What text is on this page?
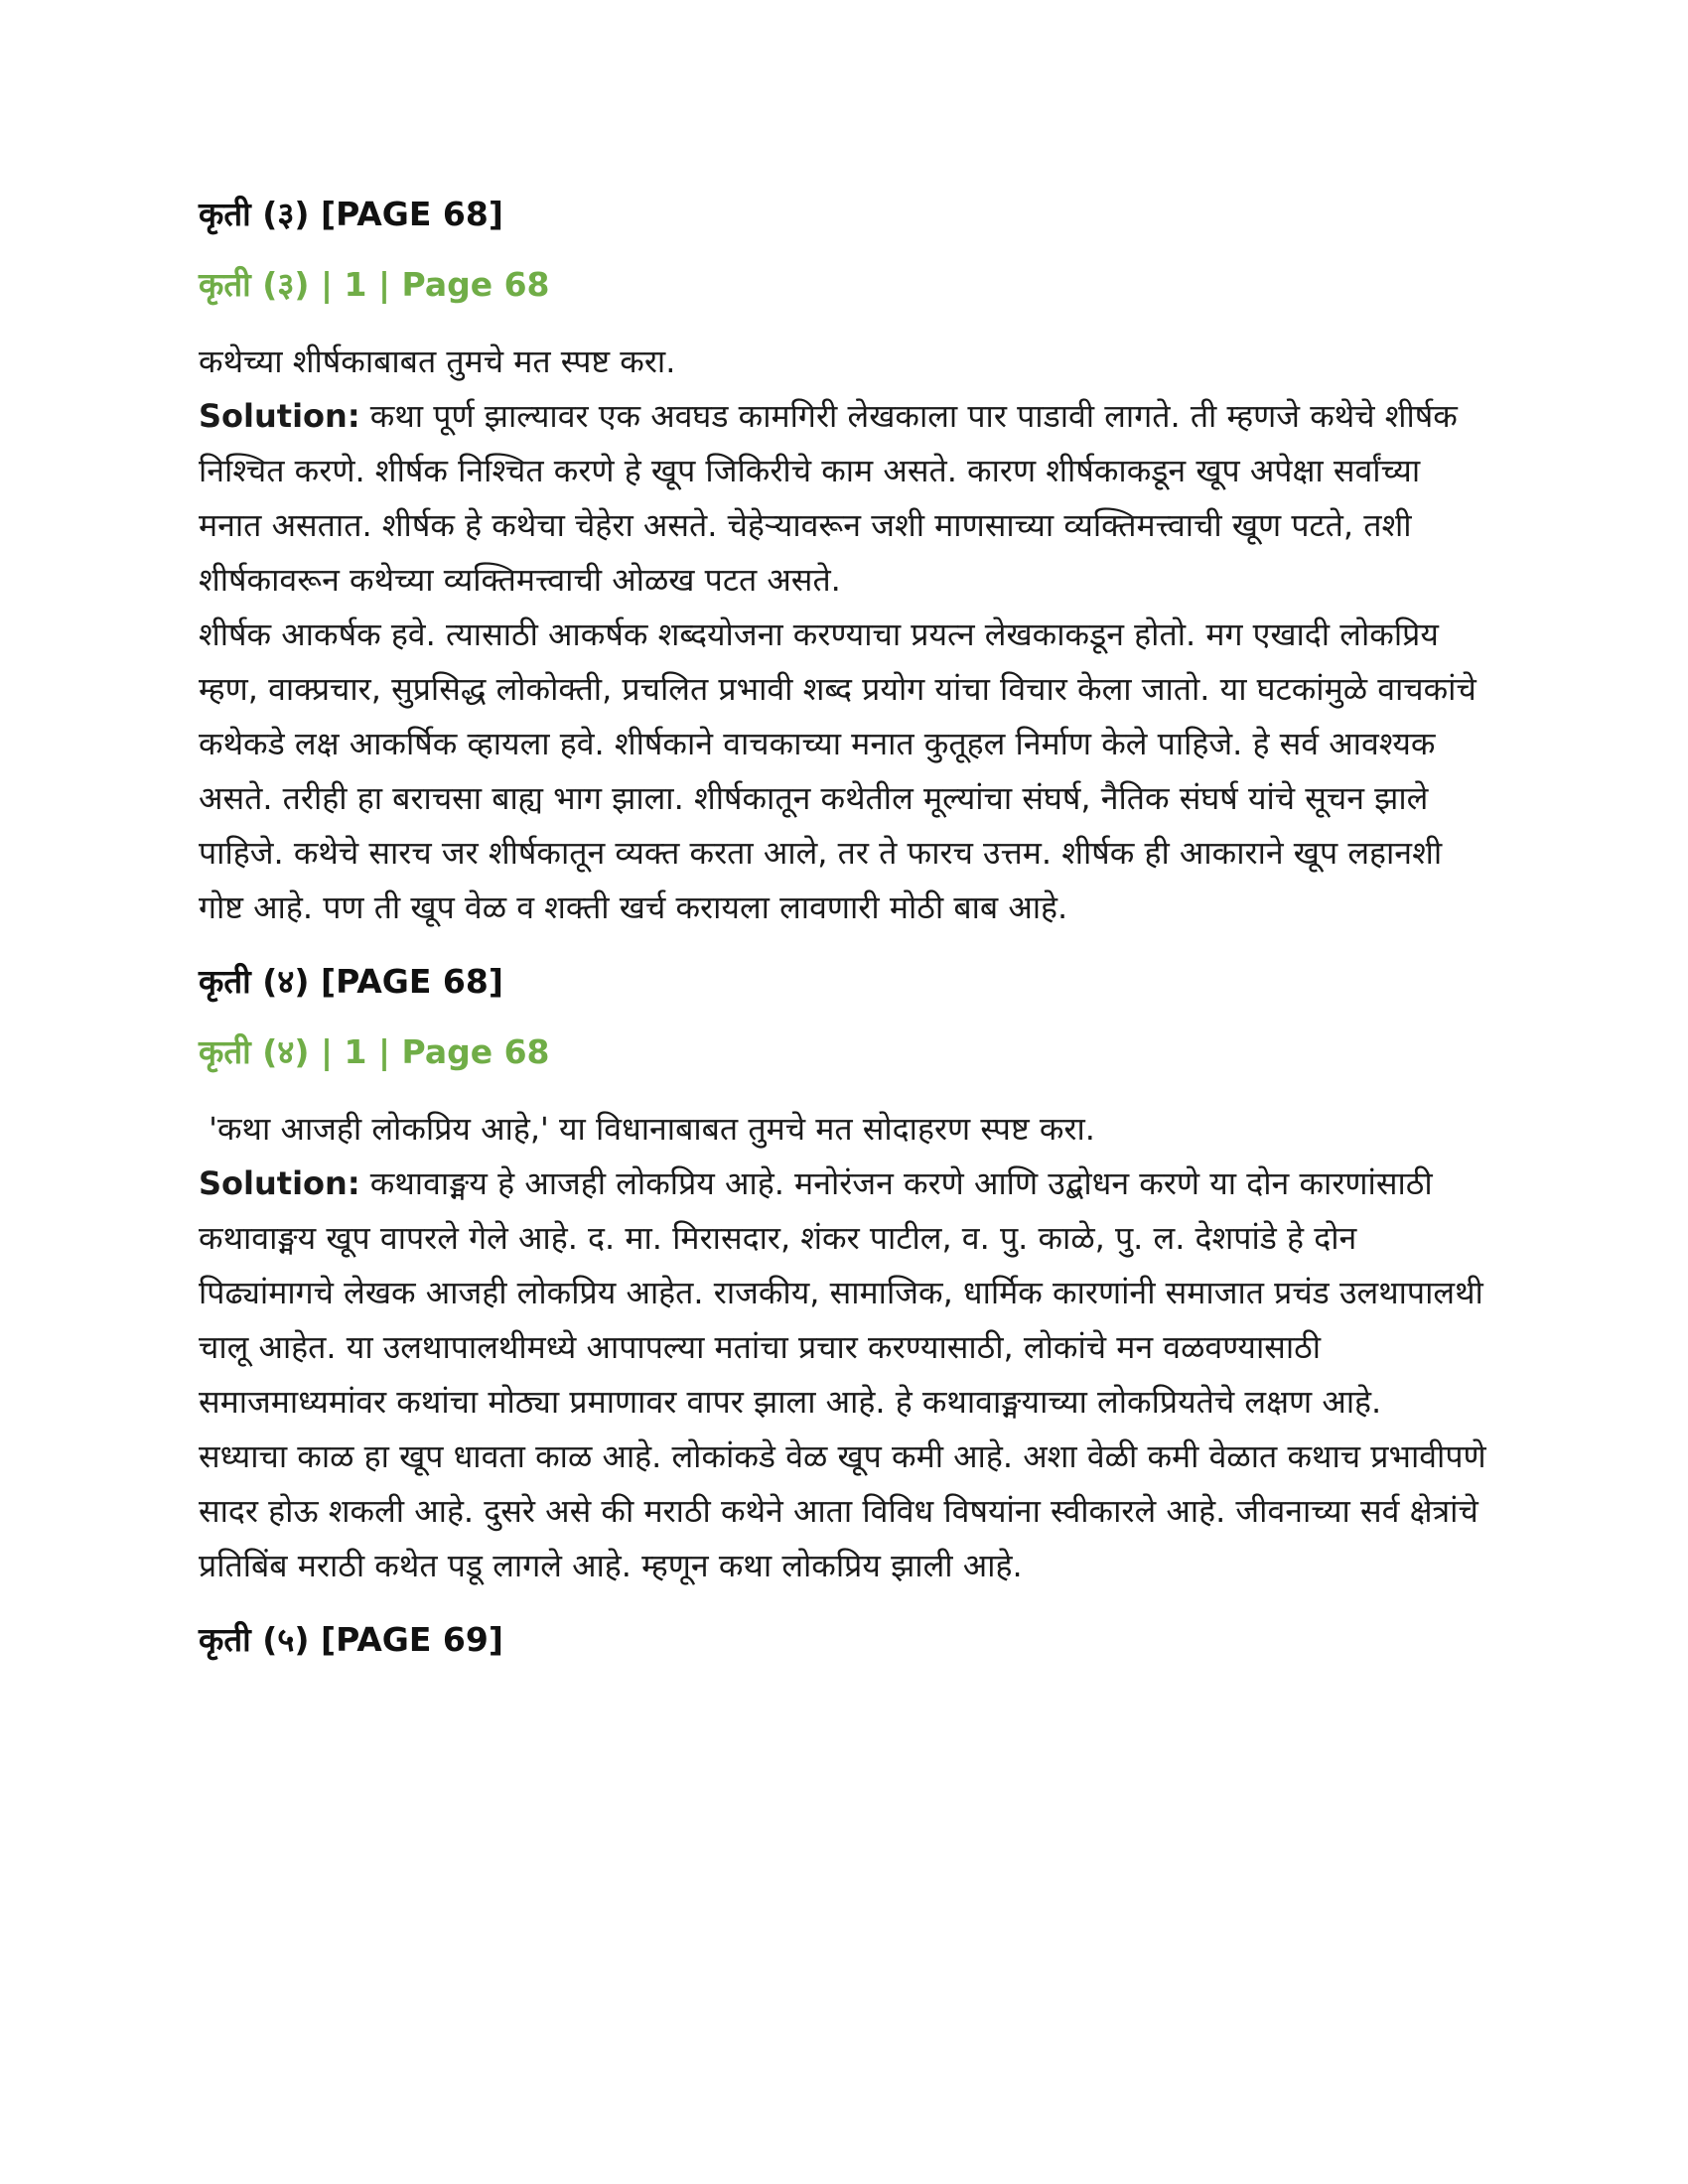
कृती (३) [PAGE 68]
कृती (३) | 1 | Page 68

कथेच्या शीर्षकाबाबत तुमचे मत स्पष्ट करा.

Solution: कथा पूर्ण झाल्यावर एक अवघड कामगिरी लेखकाला पार पाडावी लागते. ती म्हणजे कथेचे शीर्षक निश्चित करणे. शीर्षक निश्चित करणे हे खूप जिकिरीचे काम असते. कारण शीर्षकाकडून खूप अपेक्षा सर्वांच्या मनात असतात. शीर्षक हे कथेचा चेहेरा असते. चेहेऱ्यावरून जशी माणसाच्या व्यक्तिमत्त्वाची खूण पटते, तशी शीर्षकावरून कथेच्या व्यक्तिमत्त्वाची ओळख पटत असते.

शीर्षक आकर्षक हवे. त्यासाठी आकर्षक शब्दयोजना करण्याचा प्रयत्न लेखकाकडून होतो. मग एखादी लोकप्रिय म्हण, वाक्प्रचार, सुप्रसिद्ध लोकोक्ती, प्रचलित प्रभावी शब्द प्रयोग यांचा विचार केला जातो. या घटकांमुळे वाचकांचे कथेकडे लक्ष आकर्षिक व्हायला हवे. शीर्षकाने वाचकाच्या मनात कुतूहल निर्माण केले पाहिजे. हे सर्व आवश्यक असते. तरीही हा बराचसा बाह्य भाग झाला. शीर्षकातून कथेतील मूल्यांचा संघर्ष, नैतिक संघर्ष यांचे सूचन झाले पाहिजे. कथेचे सारच जर शीर्षकातून व्यक्त करता आले, तर ते फारच उत्तम. शीर्षक ही आकाराने खूप लहानशी गोष्ट आहे. पण ती खूप वेळ व शक्ती खर्च करायला लावणारी मोठी बाब आहे.

कृती (४) [PAGE 68]
कृती (४) | 1 | Page 68

'कथा आजही लोकप्रिय आहे,' या विधानाबाबत तुमचे मत सोदाहरण स्पष्ट करा.

Solution: कथावाङ्मय हे आजही लोकप्रिय आहे. मनोरंजन करणे आणि उद्बोधन करणे या दोन कारणांसाठी कथावाङ्मय खूप वापरले गेले आहे. द. मा. मिरासदार, शंकर पाटील, व. पु. काळे, पु. ल. देशपांडे हे दोन पिढ्यांमागचे लेखक आजही लोकप्रिय आहेत. राजकीय, सामाजिक, धार्मिक कारणांनी समाजात प्रचंड उलथापालथी चालू आहेत. या उलथापालथीमध्ये आपापल्या मतांचा प्रचार करण्यासाठी, लोकांचे मन वळवण्यासाठी समाजमाध्यमांवर कथांचा मोठ्या प्रमाणावर वापर झाला आहे. हे कथावाङ्मयाच्या लोकप्रियतेचे लक्षण आहे.

सध्याचा काळ हा खूप धावता काळ आहे. लोकांकडे वेळ खूप कमी आहे. अशा वेळी कमी वेळात कथाच प्रभावीपणे सादर होऊ शकली आहे. दुसरे असे की मराठी कथेने आता विविध विषयांना स्वीकारले आहे. जीवनाच्या सर्व क्षेत्रांचे प्रतिबिंब मराठी कथेत पडू लागले आहे. म्हणून कथा लोकप्रिय झाली आहे.

कृती (५) [PAGE 69]
